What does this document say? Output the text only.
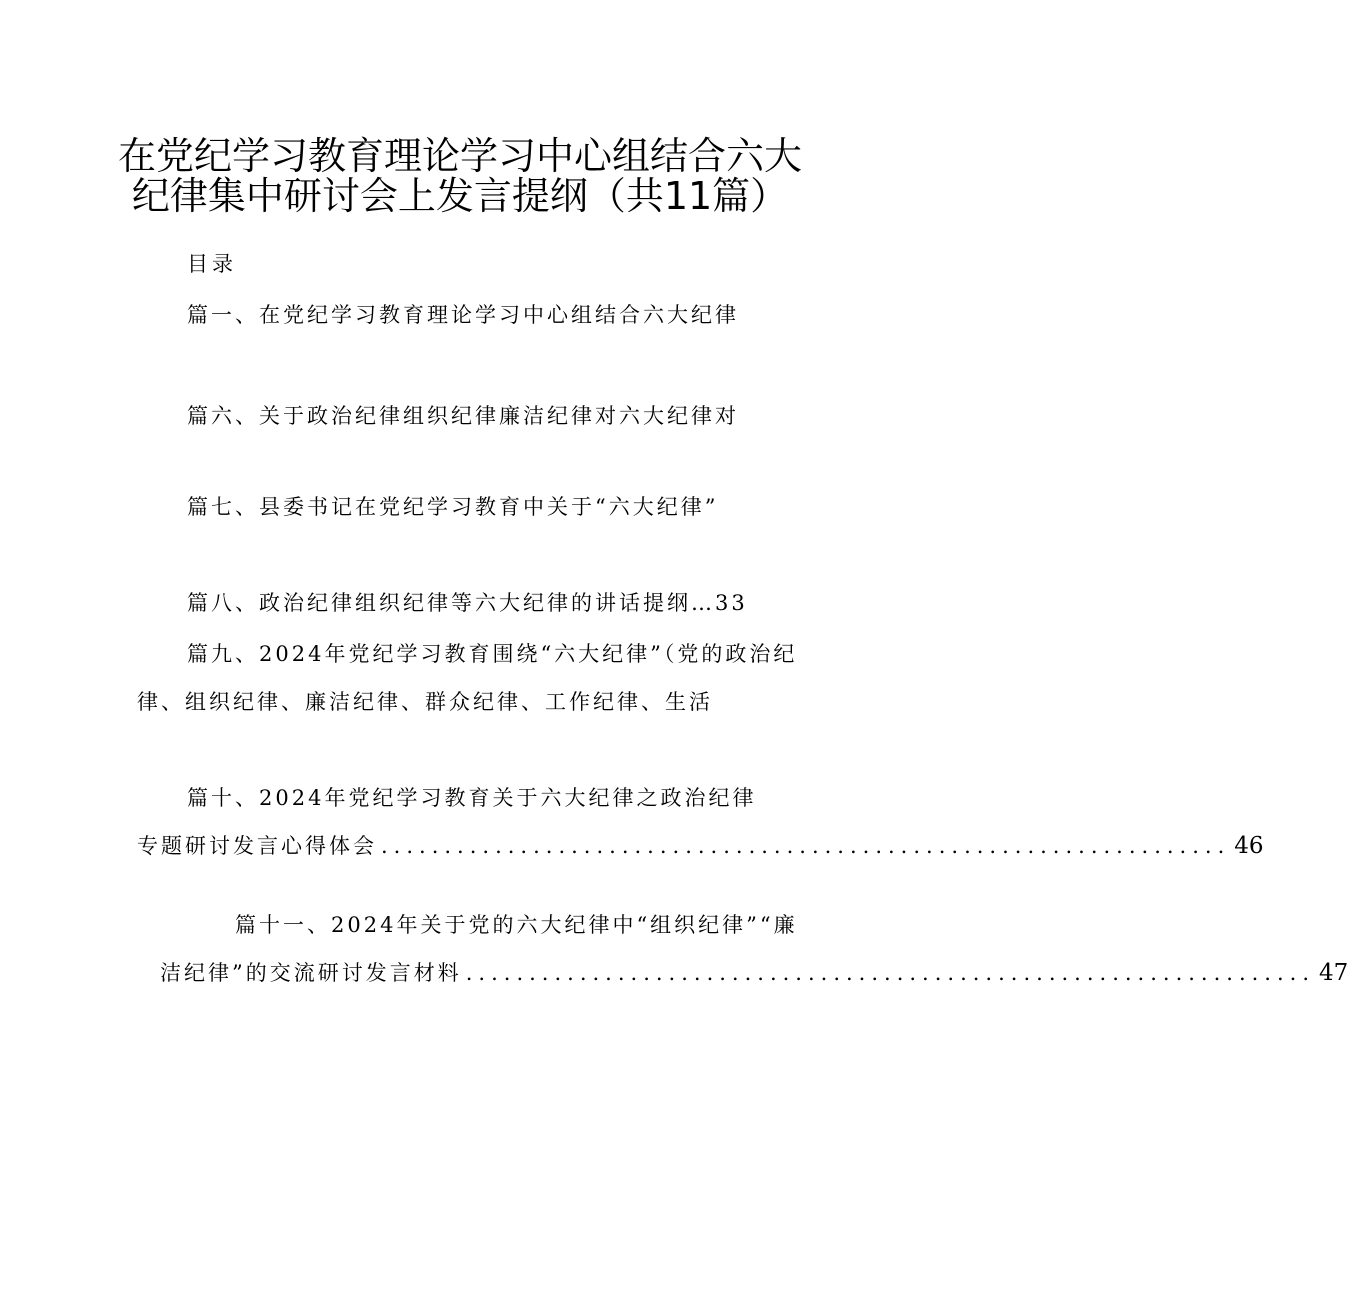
在党纪学习教育理论学习中心组结合六大
纪律集中研讨会上发言提纲（共11篇）
目录
篇一、在党纪学习教育理论学习中心组结合六大纪律
篇六、关于政治纪律组织纪律廉洁纪律对六大纪律对
篇七、县委书记在党纪学习教育中关于“六大纪律”
篇八、政治纪律组织纪律等六大纪律的讲话提纲…33
篇九、2024年党纪学习教育围绕“六大纪律”（党的政治纪
律、组织纪律、廉洁纪律、群众纪律、工作纪律、生活
篇十、2024年党纪学习教育关于六大纪律之政治纪律
专题研讨发言心得体会 ................................................................... 46
篇十一、2024年关于党的六大纪律中“组织纪律”“廉
洁纪律”的交流研讨发言材料 ................................................................... 47
